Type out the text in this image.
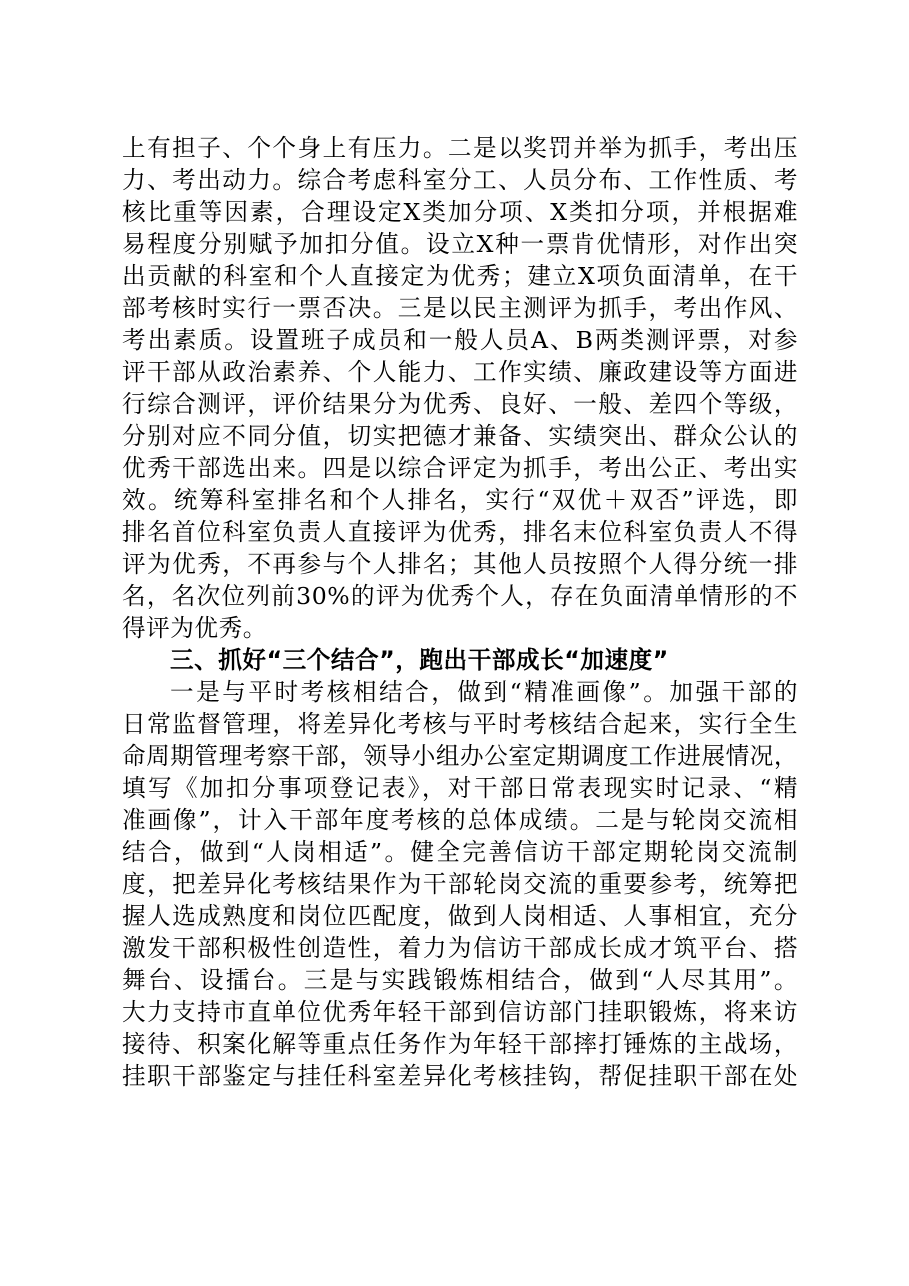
上有担子、个个身上有压力。二是以奖罚并举为抓手，考出压
力、考出动力。综合考虑科室分工、人员分布、工作性质、考
核比重等因素，合理设定X类加分项、X类扣分项，并根据难
易程度分别赋予加扣分值。设立X种一票肯优情形，对作出突
出贡献的科室和个人直接定为优秀；建立X项负面清单，在干
部考核时实行一票否决。三是以民主测评为抓手，考出作风、
考出素质。设置班子成员和一般人员A、B两类测评票，对参
评干部从政治素养、个人能力、工作实绩、廉政建设等方面进
行综合测评，评价结果分为优秀、良好、一般、差四个等级，
分别对应不同分值，切实把德才兼备、实绩突出、群众公认的
优秀干部选出来。四是以综合评定为抓手，考出公正、考出实
效。统筹科室排名和个人排名，实行“双优＋双否”评选，即
排名首位科室负责人直接评为优秀，排名末位科室负责人不得
评为优秀，不再参与个人排名；其他人员按照个人得分统一排
名，名次位列前30%的评为优秀个人，存在负面清单情形的不
得评为优秀。
三、抓好“三个结合”，跑出干部成长“加速度”
一是与平时考核相结合，做到“精准画像”。加强干部的
日常监督管理，将差异化考核与平时考核结合起来，实行全生
命周期管理考察干部，领导小组办公室定期调度工作进展情况，
填写《加扣分事项登记表》，对干部日常表现实时记录、“精
准画像”，计入干部年度考核的总体成绩。二是与轮岗交流相
结合，做到“人岗相适”。健全完善信访干部定期轮岗交流制
度，把差异化考核结果作为干部轮岗交流的重要参考，统筹把
握人选成熟度和岗位匹配度，做到人岗相适、人事相宜，充分
激发干部积极性创造性，着力为信访干部成长成才筑平台、搭
舞台、设擂台。三是与实践锻炼相结合，做到“人尽其用”。
大力支持市直单位优秀年轻干部到信访部门挂职锻炼，将来访
接待、积案化解等重点任务作为年轻干部摔打锤炼的主战场，
挂职干部鉴定与挂任科室差异化考核挂钩，帮促挂职干部在处
